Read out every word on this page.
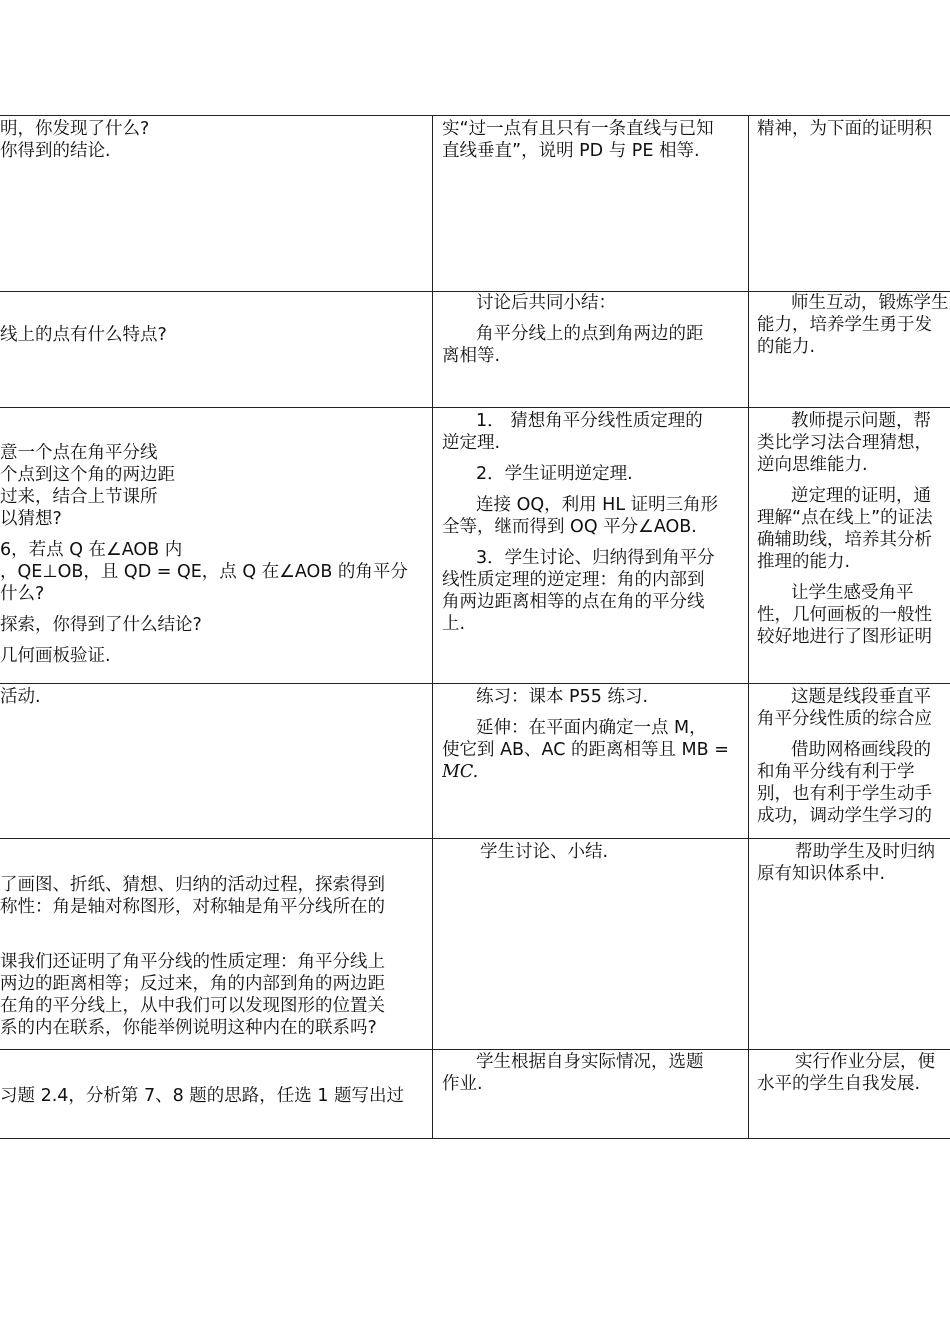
明，你发现了什么?

你得到的结论.

实“过一点有且只有一条直线与已知

直线垂直”，说明 PD 与 PE 相等.

精神，为下面的证明积

线上的点有什么特点?

讨论后共同小结：

角平分线上的点到角两边的距

离相等.

师生互动，锻炼学生

能力，培养学生勇于发

的能力.

意一个点在角平分线

个点到这个角的两边距

过来，结合上节课所

以猜想?

6，若点 Q 在∠AOB 内

，QE⊥OB，且 QD = QE，点 Q 在∠AOB 的角平分

什么?

探索，你得到了什么结论?

几何画板验证.

1． 猜想角平分线性质定理的

逆定理.

2．学生证明逆定理.

连接 OQ，利用 HL 证明三角形

全等，继而得到 OQ 平分∠AOB.

3．学生讨论、归纳得到角平分

线性质定理的逆定理：角的内部到

角两边距离相等的点在角的平分线

上.

教师提示问题，帮

类比学习法合理猜想，

逆向思维能力.

逆定理的证明，通

理解“点在线上”的证法

确辅助线，培养其分析

推理的能力.

让学生感受角平

性，几何画板的一般性

较好地进行了图形证明

活动.	练习：课本 P55 练习.

延伸：在平面内确定一点 M，

使它到 AB、AC 的距离相等且 MB =

MC.

这题是线段垂直平

角平分线性质的综合应

借助网格画线段的

和角平分线有利于学

别，也有利于学生动手

成功，调动学生学习的

了画图、折纸、猜想、归纳的活动过程，探索得到

称性：角是轴对称图形，对称轴是角平分线所在的

课我们还证明了角平分线的性质定理：角平分线上

两边的距离相等；反过来，角的内部到角的两边距

在角的平分线上，从中我们可以发现图形的位置关

系的内在联系，你能举例说明这种内在的联系吗?

学生讨论、小结.	帮助学生及时归纳

原有知识体系中.

习题 2.4，分析第 7、8 题的思路，任选 1 题写出过

学生根据自身实际情况，选题

作业.

实行作业分层，便

水平的学生自我发展.
